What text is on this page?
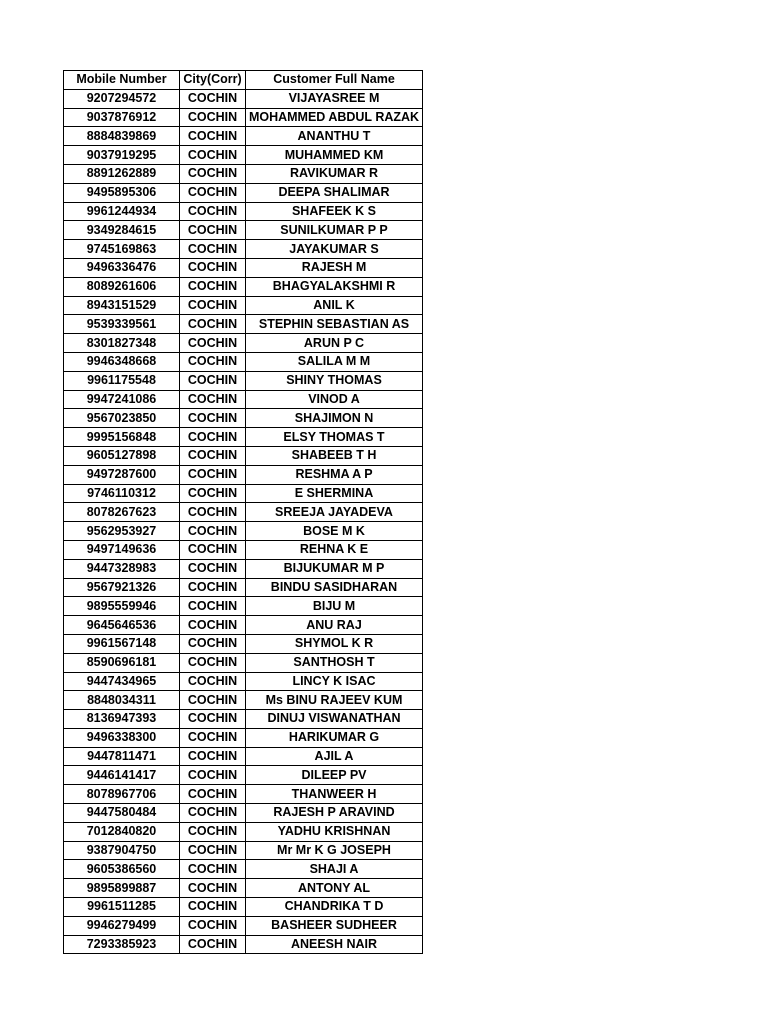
Mobile Number	City(Corr)	Customer Full Name
9207294572	COCHIN	VIJAYASREE M
9037876912	COCHIN	MOHAMMED ABDUL RAZAK
8884839869	COCHIN	ANANTHU T
9037919295	COCHIN	MUHAMMED KM
8891262889	COCHIN	RAVIKUMAR R
9495895306	COCHIN	DEEPA SHALIMAR
9961244934	COCHIN	SHAFEEK K S
9349284615	COCHIN	SUNILKUMAR P P
9745169863	COCHIN	JAYAKUMAR S
9496336476	COCHIN	RAJESH M
8089261606	COCHIN	BHAGYALAKSHMI R
8943151529	COCHIN	ANIL K
9539339561	COCHIN	STEPHIN SEBASTIAN AS
8301827348	COCHIN	ARUN P C
9946348668	COCHIN	SALILA M M
9961175548	COCHIN	SHINY THOMAS
9947241086	COCHIN	VINOD A
9567023850	COCHIN	SHAJIMON N
9995156848	COCHIN	ELSY THOMAS T
9605127898	COCHIN	SHABEEB T H
9497287600	COCHIN	RESHMA A P
9746110312	COCHIN	E SHERMINA
8078267623	COCHIN	SREEJA JAYADEVA
9562953927	COCHIN	BOSE M K
9497149636	COCHIN	REHNA K E
9447328983	COCHIN	BIJUKUMAR M P
9567921326	COCHIN	BINDU SASIDHARAN
9895559946	COCHIN	BIJU M
9645646536	COCHIN	ANU RAJ
9961567148	COCHIN	SHYMOL K R
8590696181	COCHIN	SANTHOSH T
9447434965	COCHIN	LINCY K ISAC
8848034311	COCHIN	Ms BINU RAJEEV KUM
8136947393	COCHIN	DINUJ VISWANATHAN
9496338300	COCHIN	HARIKUMAR G
9447811471	COCHIN	AJIL A
9446141417	COCHIN	DILEEP PV
8078967706	COCHIN	THANWEER H
9447580484	COCHIN	RAJESH P ARAVIND
7012840820	COCHIN	YADHU KRISHNAN
9387904750	COCHIN	Mr Mr K G JOSEPH
9605386560	COCHIN	SHAJI A
9895899887	COCHIN	ANTONY AL
9961511285	COCHIN	CHANDRIKA T D
9946279499	COCHIN	BASHEER SUDHEER
7293385923	COCHIN	ANEESH NAIR
